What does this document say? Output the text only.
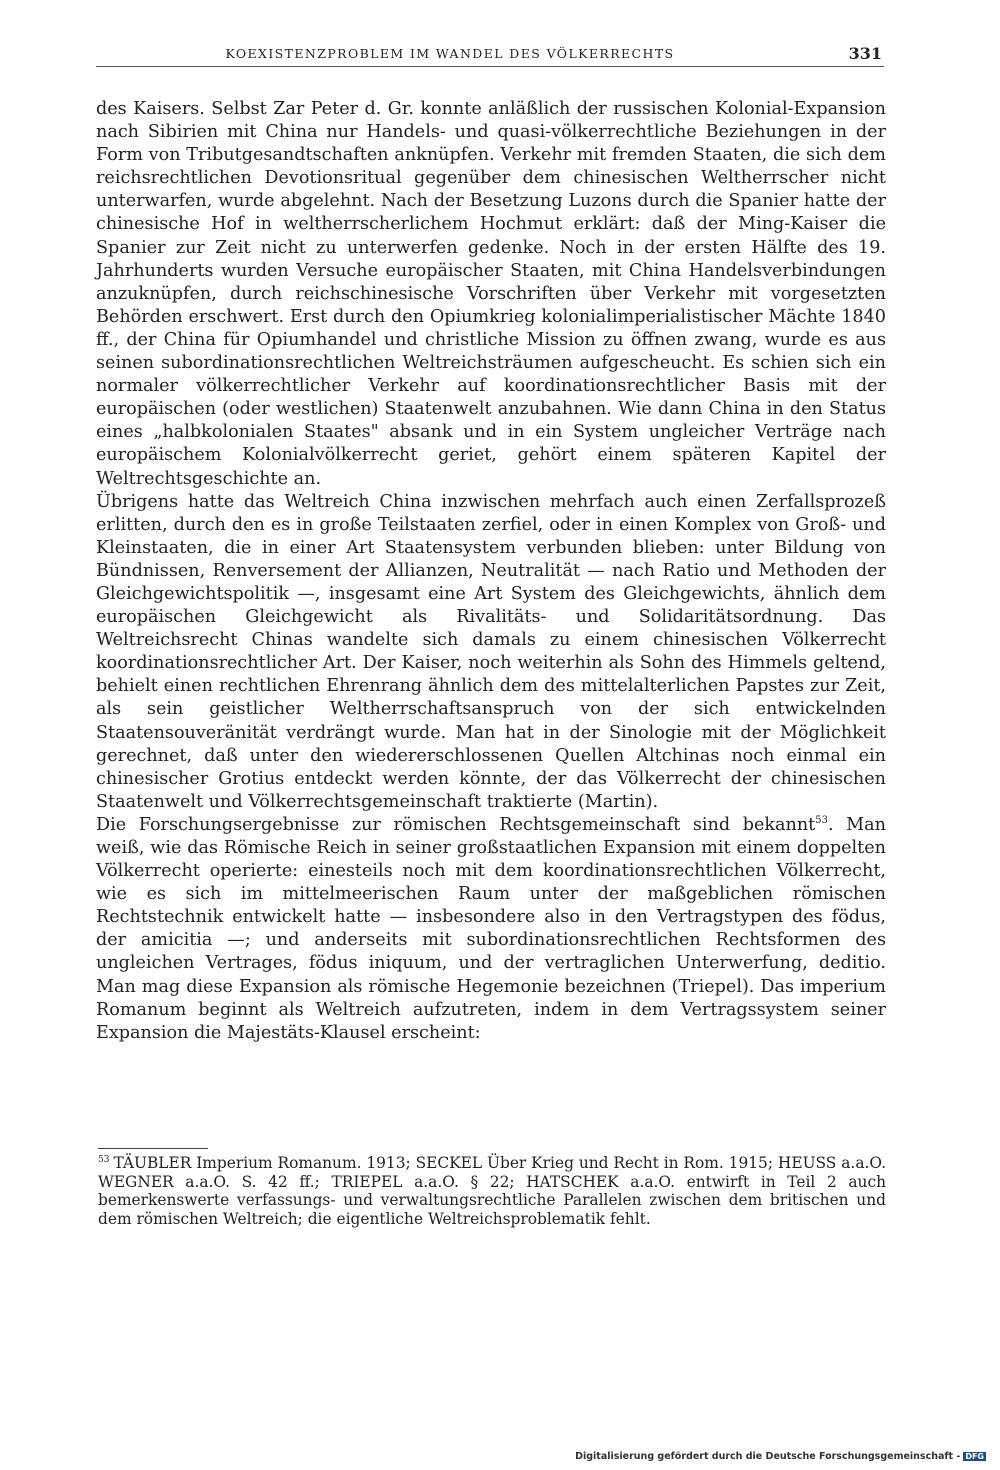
KOEXISTENZPROBLEM IM WANDEL DES VÖLKERRECHTS	331

des Kaisers. Selbst Zar Peter d. Gr. konnte anläßlich der russischen Kolonial-Expansion nach Sibirien mit China nur Handels- und quasi-völkerrechtliche Beziehungen in der Form von Tributgesandtschaften anknüpfen. Verkehr mit fremden Staaten, die sich dem reichsrechtlichen Devotionsritual gegenüber dem chinesischen Weltherrscher nicht unterwarfen, wurde abgelehnt. Nach der Besetzung Luzons durch die Spanier hatte der chinesische Hof in weltherrscherlichem Hochmut erklärt: daß der Ming-Kaiser die Spanier zur Zeit nicht zu unterwerfen gedenke. Noch in der ersten Hälfte des 19. Jahrhunderts wurden Versuche europäischer Staaten, mit China Handelsverbindungen anzuknüpfen, durch reichschinesische Vorschriften über Verkehr mit vorgesetzten Behörden erschwert. Erst durch den Opiumkrieg kolonialimperialistischer Mächte 1840 ff., der China für Opiumhandel und christliche Mission zu öffnen zwang, wurde es aus seinen subordinationsrechtlichen Weltreichsträumen aufgescheucht. Es schien sich ein normaler völkerrechtlicher Verkehr auf koordinationsrechtlicher Basis mit der europäischen (oder westlichen) Staatenwelt anzubahnen. Wie dann China in den Status eines „halbkolonialen Staates" absank und in ein System ungleicher Verträge nach europäischem Kolonialvölkerrecht geriet, gehört einem späteren Kapitel der Weltrechtsgeschichte an.

Übrigens hatte das Weltreich China inzwischen mehrfach auch einen Zerfallsprozeß erlitten, durch den es in große Teilstaaten zerfiel, oder in einen Komplex von Groß- und Kleinstaaten, die in einer Art Staatensystem verbunden blieben: unter Bildung von Bündnissen, Renversement der Allianzen, Neutralität — nach Ratio und Methoden der Gleichgewichtspolitik —, insgesamt eine Art System des Gleichgewichts, ähnlich dem europäischen Gleichgewicht als Rivalitäts- und Solidaritätsordnung. Das Weltreichsrecht Chinas wandelte sich damals zu einem chinesischen Völkerrecht koordinationsrechtlicher Art. Der Kaiser, noch weiterhin als Sohn des Himmels geltend, behielt einen rechtlichen Ehrenrang ähnlich dem des mittelalterlichen Papstes zur Zeit, als sein geistlicher Weltherrschaftsanspruch von der sich entwickelnden Staatensouveränität verdrängt wurde. Man hat in der Sinologie mit der Möglichkeit gerechnet, daß unter den wiedererschlossenen Quellen Altchinas noch einmal ein chinesischer Grotius entdeckt werden könnte, der das Völkerrecht der chinesischen Staatenwelt und Völkerrechtsgemeinschaft traktierte (Martin).

Die Forschungsergebnisse zur römischen Rechtsgemeinschaft sind bekannt$^{53}$. Man weiß, wie das Römische Reich in seiner großstaatlichen Expansion mit einem doppelten Völkerrecht operierte: einesteils noch mit dem koordinationsrechtlichen Völkerrecht, wie es sich im mittelmeerischen Raum unter der maßgeblichen römischen Rechtstechnik entwickelt hatte — insbesondere also in den Vertragstypen des födus, der amicitia —; und anderseits mit subordinationsrechtlichen Rechtsformen des ungleichen Vertrages, födus iniquum, und der vertraglichen Unterwerfung, deditio. Man mag diese Expansion als römische Hegemonie bezeichnen (Triepel). Das imperium Romanum beginnt als Weltreich aufzutreten, indem in dem Vertragssystem seiner Expansion die Majestäts-Klausel erscheint:

$^{53}$ TÄUBLER Imperium Romanum. 1913; SECKEL Über Krieg und Recht in Rom. 1915; HEUSS a.a.O. WEGNER a.a.O. S. 42 ff.; TRIEPEL a.a.O. § 22; HATSCHEK a.a.O. entwirft in Teil 2 auch bemerkenswerte verfassungs- und verwaltungsrechtliche Parallelen zwischen dem britischen und dem römischen Weltreich; die eigentliche Weltreichsproblematik fehlt.

Digitalisierung gefördert durch die Deutsche Forschungsgemeinschaft - DFG
